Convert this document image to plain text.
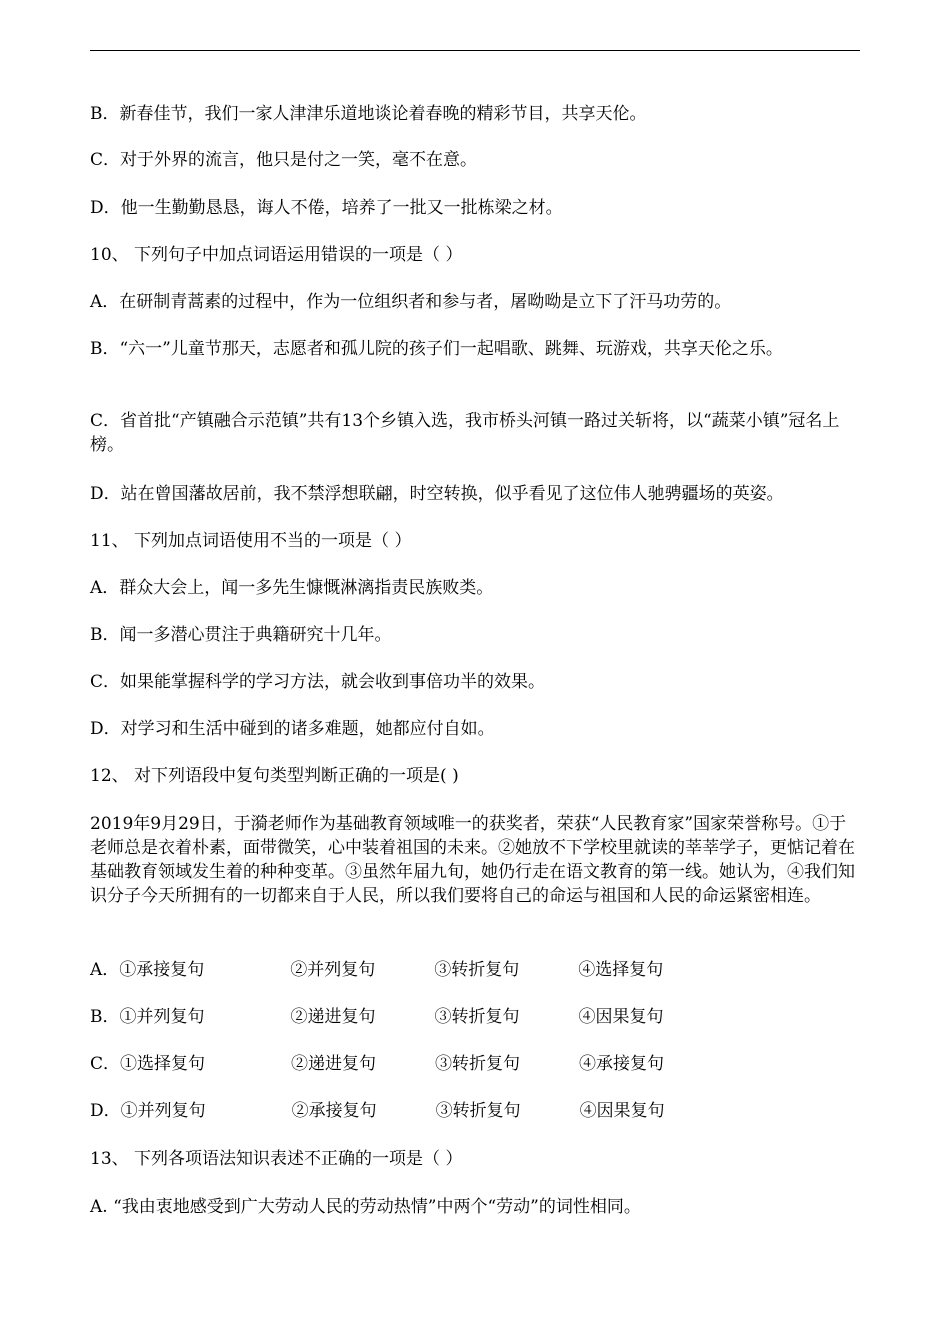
B．新春佳节，我们一家人津津乐道地谈论着春晚的精彩节目，共享天伦。
C．对于外界的流言，他只是付之一笑，毫不在意。
D．他一生勤勤恳恳，诲人不倦，培养了一批又一批栋梁之材。
10、 下列句子中加点词语运用错误的一项是（ ）
A．在研制青蒿素的过程中，作为一位组织者和参与者，屠呦呦是立下了汗马功劳的。
B．“六一”儿童节那天，志愿者和孤儿院的孩子们一起唱歌、跳舞、玩游戏，共享天伦之乐。
C．省首批“产镇融合示范镇”共有13个乡镇入选，我市桥头河镇一路过关斩将，以“蔬菜小镇”冠名上榜。
D．站在曾国藩故居前，我不禁浮想联翩，时空转换，似乎看见了这位伟人驰骋疆场的英姿。
11、 下列加点词语使用不当的一项是（ ）
A．群众大会上，闻一多先生慷慨淋漓指责民族败类。
B．闻一多潜心贯注于典籍研究十几年。
C．如果能掌握科学的学习方法，就会收到事倍功半的效果。
D．对学习和生活中碰到的诸多难题，她都应付自如。
12、 对下列语段中复句类型判断正确的一项是( )
2019年9月29日，于漪老师作为基础教育领域唯一的获奖者，荣获“人民教育家”国家荣誉称号。①于老师总是衣着朴素，面带微笑，心中装着祖国的未来。②她放不下学校里就读的莘莘学子，更惦记着在基础教育领域发生着的种种变革。③虽然年届九旬，她仍行走在语文教育的第一线。她认为，④我们知识分子今天所拥有的一切都来自于人民，所以我们要将自己的命运与祖国和人民的命运紧密相连。
A．①承接复句	②并列复句	③转折复句	④选择复句
B．①并列复句	②递进复句	③转折复句	④因果复句
C．①选择复句	②递进复句	③转折复句	④承接复句
D．①并列复句	②承接复句	③转折复句	④因果复句
13、 下列各项语法知识表述不正确的一项是（ ）
A. “我由衷地感受到广大劳动人民的劳动热情”中两个“劳动”的词性相同。
